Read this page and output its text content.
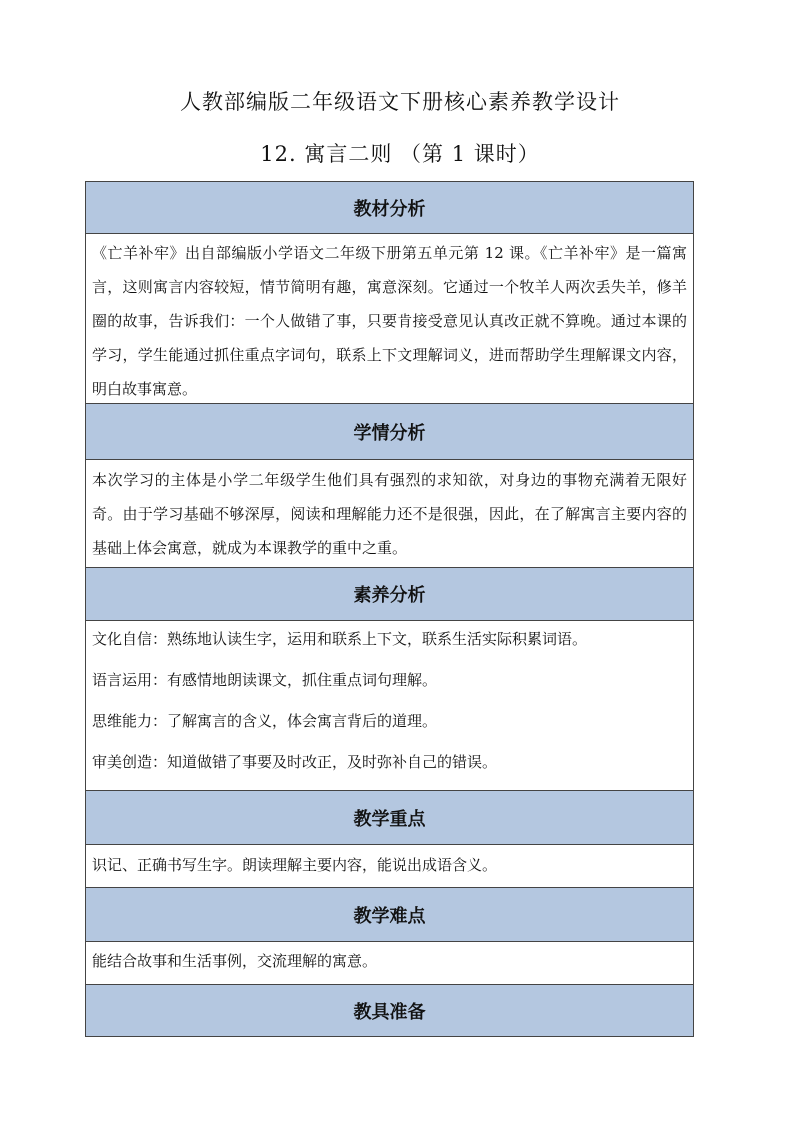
人教部编版二年级语文下册核心素养教学设计
12. 寓言二则 （第 1 课时）
教材分析

《亡羊补牢》出自部编版小学语文二年级下册第五单元第 12 课。《亡羊补牢》是一篇寓言，这则寓言内容较短，情节简明有趣，寓意深刻。它通过一个牧羊人两次丢失羊，修羊圈的故事，告诉我们：一个人做错了事，只要肯接受意见认真改正就不算晚。通过本课的学习，学生能通过抓住重点字词句，联系上下文理解词义，进而帮助学生理解课文内容，明白故事寓意。

学情分析

本次学习的主体是小学二年级学生他们具有强烈的求知欲，对身边的事物充满着无限好奇。由于学习基础不够深厚，阅读和理解能力还不是很强，因此，在了解寓言主要内容的基础上体会寓意，就成为本课教学的重中之重。

素养分析

文化自信：熟练地认读生字，运用和联系上下文，联系生活实际积累词语。

语言运用：有感情地朗读课文，抓住重点词句理解。

思维能力：了解寓言的含义，体会寓言背后的道理。

审美创造：知道做错了事要及时改正，及时弥补自己的错误。

教学重点

识记、正确书写生字。朗读理解主要内容，能说出成语含义。

教学难点

能结合故事和生活事例，交流理解的寓意。

教具准备
